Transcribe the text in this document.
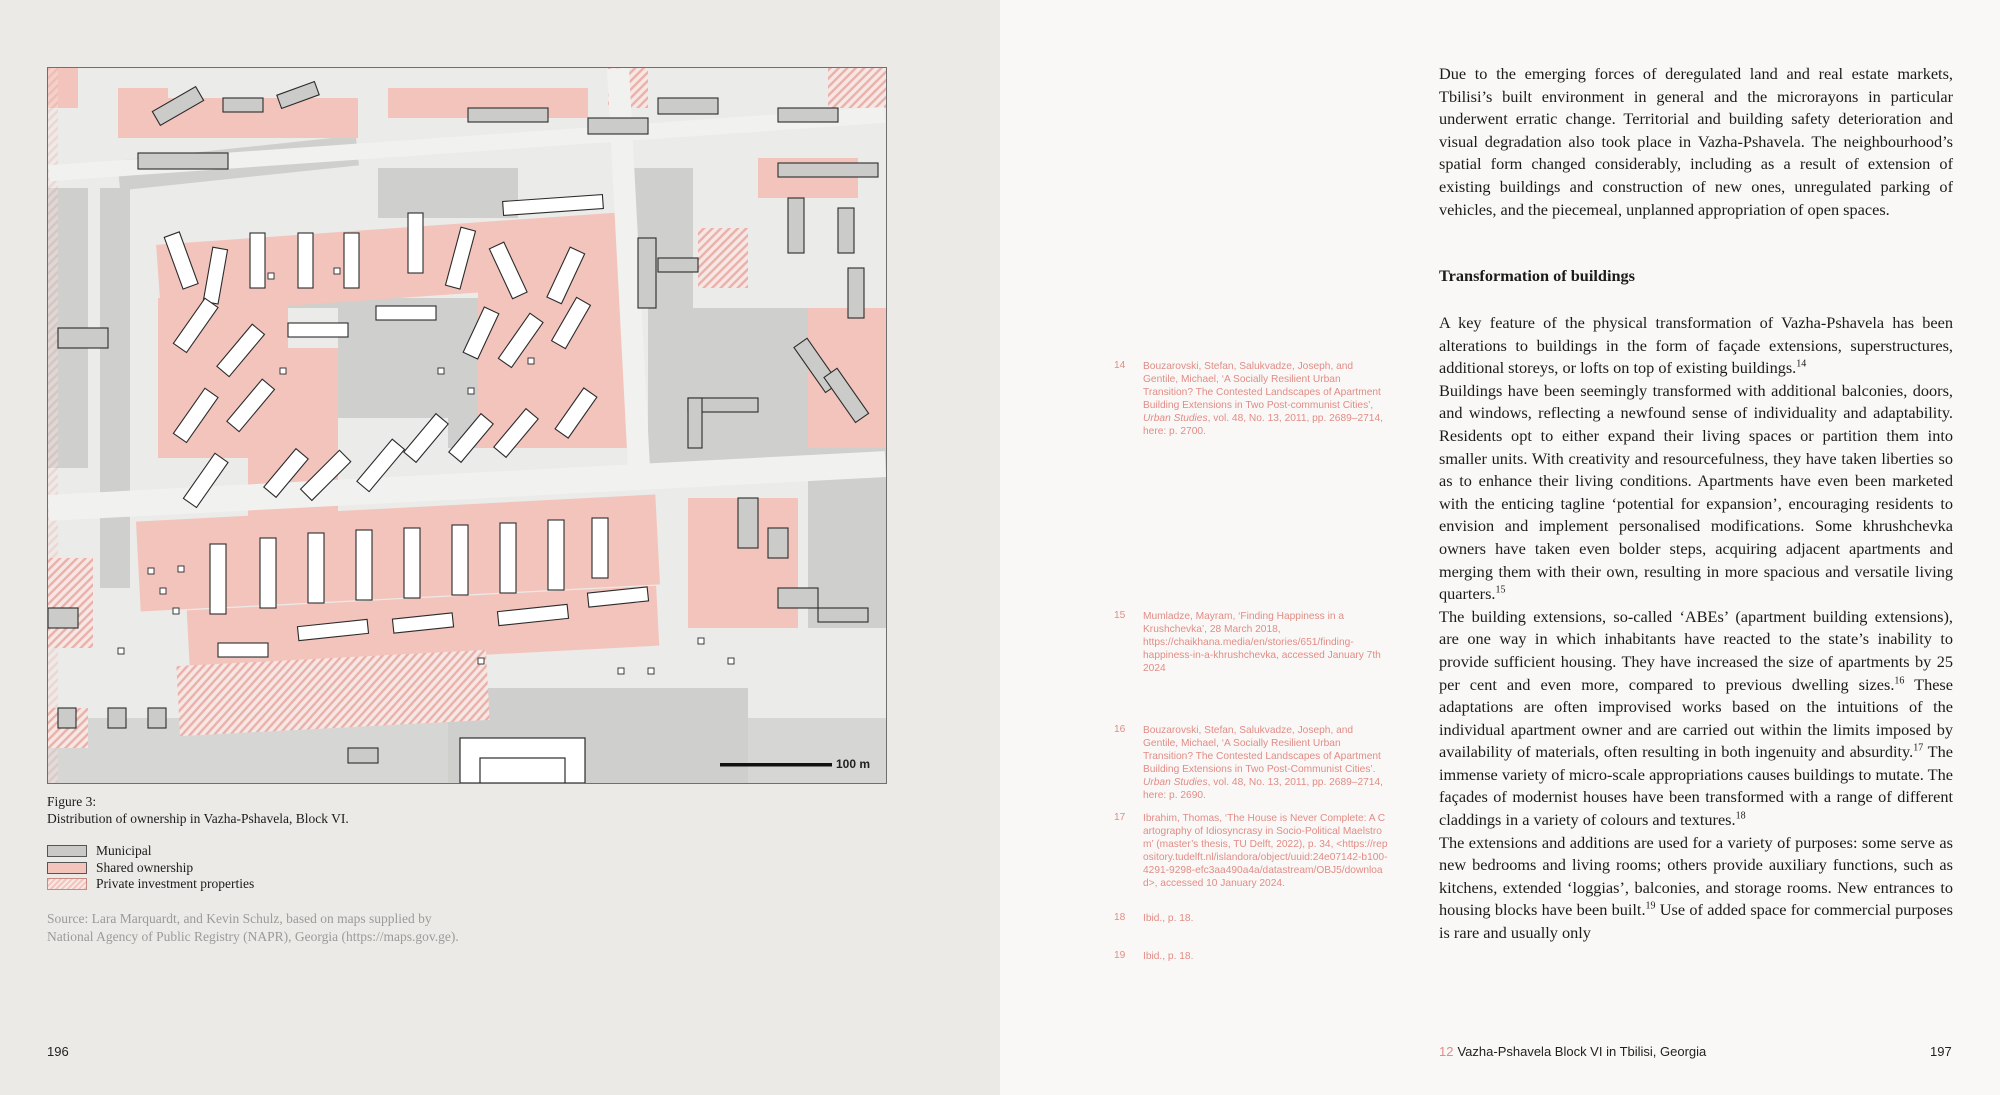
100 m
Figure 3:
Distribution of ownership in Vazha-Pshavela, Block VI.
Municipal
Shared ownership
Private investment properties
Source: Lara Marquardt, and Kevin Schulz, based on maps supplied by
National Agency of Public Registry (NAPR), Georgia (https://maps.gov.ge).
196

Due to the emerging forces of deregulated land and real estate markets, Tbilisi’s built environment in general and the microrayons in particular underwent erratic change. Territorial and building safety deterioration and visual degradation also took place in Vazha-Pshavela. The neighbourhood’s spatial form changed considerably, including as a result of extension of existing buildings and construction of new ones, unregulated parking of vehicles, and the piecemeal, unplanned appropriation of open spaces.

Transformation of buildings

A key feature of the physical transformation of Vazha-Pshavela has been alterations to buildings in the form of façade extensions, superstructures, additional storeys, or lofts on top of existing buildings.$^{14}$

Buildings have been seemingly transformed with additional balconies, doors, and windows, reflecting a newfound sense of individuality and adaptability. Residents opt to either expand their living spaces or partition them into smaller units. With creativity and resourcefulness, they have taken liberties so as to enhance their living conditions. Apartments have even been marketed with the enticing tagline ‘potential for expansion’, encouraging residents to envision and implement personalised modifications. Some khrushchevka owners have taken even bolder steps, acquiring adjacent apartments and merging them with their own, resulting in more spacious and versatile living quarters.$^{15}$

The building extensions, so-called ‘ABEs’ (apartment building extensions), are one way in which inhabitants have reacted to the state’s inability to provide sufficient housing. They have increased the size of apartments by 25 per cent and even more, compared to previous dwelling sizes.$^{16}$ These adaptations are often improvised works based on the intuitions of the individual apartment owner and are carried out within the limits imposed by availability of materials, often resulting in both ingenuity and absurdity.$^{17}$ The immense variety of micro-scale appropriations causes buildings to mutate. The façades of modernist houses have been transformed with a range of different claddings in a variety of colours and textures.$^{18}$

The extensions and additions are used for a variety of purposes: some serve as new bedrooms and living rooms; others provide auxiliary functions, such as kitchens, extended ‘loggias’, balconies, and storage rooms. New entrances to housing blocks have been built.$^{19}$ Use of added space for commercial purposes is rare and usually only

14 Bouzarovski, Stefan, Salukvadze, Joseph, and Gentile, Michael, ‘A Socially Resilient Urban Transition? The Contested Landscapes of Apartment Building Extensions in Two Post-communist Cities’, Urban Studies, vol. 48, No. 13, 2011, pp. 2689–2714, here: p. 2700.
15 Mumladze, Mayram, ‘Finding Happiness in a Krushchevka’, 28 March 2018, https://chaikhana.media/en/stories/651/finding-happiness-in-a-khrushchevka, accessed January 7th 2024
16 Bouzarovski, Stefan, Salukvadze, Joseph, and Gentile, Michael, ‘A Socially Resilient Urban Transition? The Contested Landscapes of Apartment Building Extensions in Two Post-Communist Cities’. Urban Studies, vol. 48, No. 13, 2011, pp. 2689–2714, here: p. 2690.
17 Ibrahim, Thomas, ‘The House is Never Complete: A Cartography of Idiosyncrasy in Socio-Political Maelstrom’ (master’s thesis, TU Delft, 2022), p. 34, <https://repository.tudelft.nl/islandora/object/uuid:24e07142-b100-4291-9298-efc3aa490a4a/datastream/OBJ5/download>, accessed 10 January 2024.
18 Ibid., p. 18.
19 Ibid., p. 18.
12 Vazha-Pshavela Block VI in Tbilisi, Georgia	197
